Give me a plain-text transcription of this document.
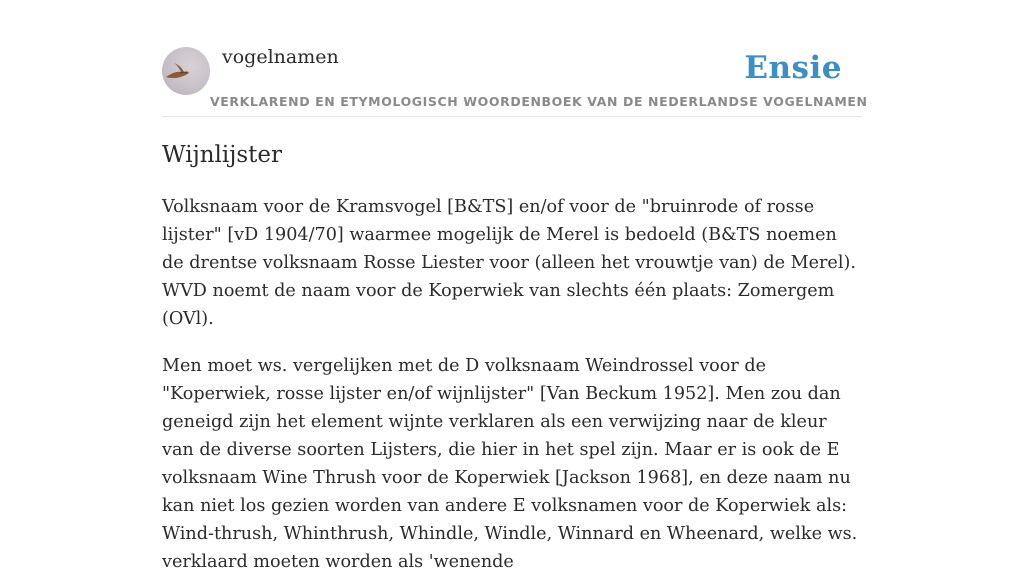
vogelnamen	Ensie
VERKLAREND EN ETYMOLOGISCH WOORDENBOEK VAN DE NEDERLANDSE VOGELNAMEN
Wijnlijster

Volksnaam voor de Kramsvogel [B&TS] en/of voor de "bruinrode of rosse lijster" [vD 1904/70] waarmee mogelijk de Merel is bedoeld (B&TS noemen de drentse volksnaam Rosse Liester voor (alleen het vrouwtje van) de Merel). WVD noemt de naam voor de Koperwiek van slechts één plaats: Zomergem (OVl).

Men moet ws. vergelijken met de D volksnaam Weindrossel voor de "Koperwiek, rosse lijster en/of wijnlijster" [Van Beckum 1952]. Men zou dan geneigd zijn het element wijnte verklaren als een verwijzing naar de kleur van de diverse soorten Lijsters, die hier in het spel zijn. Maar er is ook de E volksnaam Wine Thrush voor de Koperwiek [Jackson 1968], en deze naam nu kan niet los gezien worden van andere E volksnamen voor de Koperwiek als: Wind-thrush, Whinthrush, Whindle, Windle, Winnard en Wheenard, welke ws. verklaard moeten worden als 'wenende
